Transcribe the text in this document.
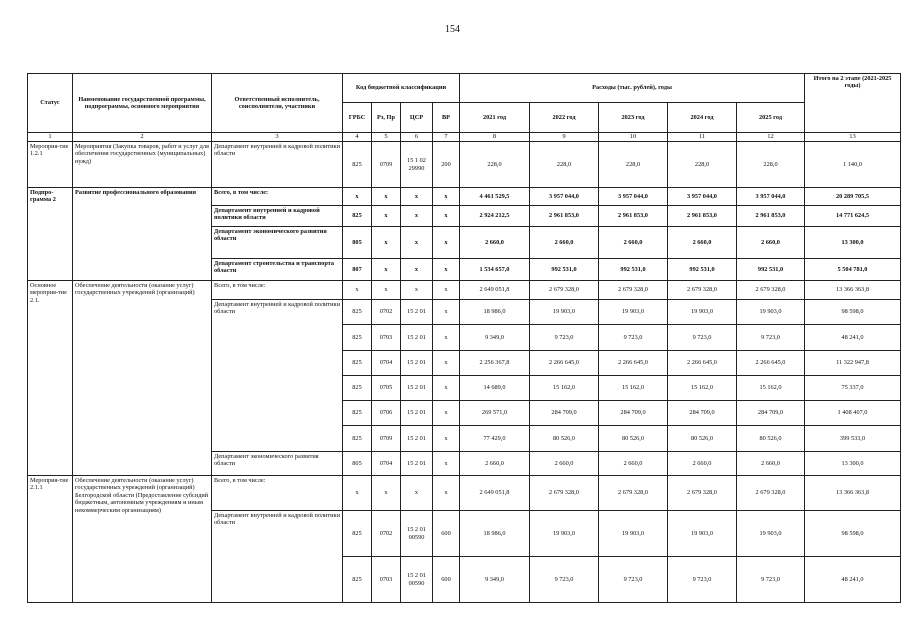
154
Статус	Наименование государственной программы, подпрограммы, основного мероприятия	Ответственный исполнитель, соисполнители, участники	Код бюджетной классификации				Расходы (тыс. рублей), годы					Итого на 2 этапе (2021-2025 годы)
			ГРБС	Рз, Пр	ЦСР	ВР	2021 год	2022 год	2023 год	2024 год	2025 год	
1	2	3	4	5	6	7	8	9	10	11	12	13
Мероприя-тие 1.2.1	Мероприятия (Закупка товаров, работ и услуг для обеспечения государственных (муниципальных) нужд)	Департамент внутренней и кадровой политики области	825	0709	15 1 02 29990	200	228,0	228,0	228,0	228,0	228,0	1 140,0
Подпро-грамма 2	Развитие профессионального образования	Всего, в том числе:	x	x	x	x	4 461 529,5	3 957 044,0	3 957 044,0	3 957 044,0	3 957 044,0	20 289 705,5
		Департамент внутренней и кадровой политики области	825	x	x	x	2 924 212,5	2 961 853,0	2 961 853,0	2 961 853,0	2 961 853,0	14 771 624,5
		Департамент экономического развития области	805	x	x	x	2 660,0	2 660,0	2 660,0	2 660,0	2 660,0	13 300,0
		Департамент строительства и транспорта области	807	x	x	x	1 534 657,0	992 531,0	992 531,0	992 531,0	992 531,0	5 504 781,0
Основное мероприя-тие 2.1.	Обеспечение деятельности (оказание услуг) государственных учреждений (организаций)	Всего, в том числе:	x	x	x	x	2 649 051,8	2 679 328,0	2 679 328,0	2 679 328,0	2 679 328,0	13 366 363,8
		Департамент внутренней и кадровой политики области	825	0702	15 2 01	x	18 986,0	19 903,0	19 903,0	19 903,0	19 903,0	98 598,0
			825	0703	15 2 01	x	9 349,0	9 723,0	9 723,0	9 723,0	9 723,0	48 241,0
			825	0704	15 2 01	x	2 256 367,8	2 266 645,0	2 266 645,0	2 266 645,0	2 266 645,0	11 322 947,8
			825	0705	15 2 01	x	14 689,0	15 162,0	15 162,0	15 162,0	15 162,0	75 337,0
			825	0706	15 2 01	x	269 571,0	284 709,0	284 709,0	284 709,0	284 709,0	1 408 407,0
			825	0709	15 2 01	x	77 429,0	80 526,0	80 526,0	80 526,0	80 526,0	399 533,0
		Департамент экономического развития области	805	0704	15 2 01	x	2 660,0	2 660,0	2 660,0	2 660,0	2 660,0	13 300,0
Мероприя-тие 2.1.1	Обеспечение деятельности (оказание услуг) государственных учреждений (организаций) Белгородской области (Предоставление субсидий бюджетным, автономным учреждениям и иным некоммерческим организациям)	Всего, в том числе:	x	x	x	x	2 649 051,8	2 679 328,0	2 679 328,0	2 679 328,0	2 679 328,0	13 366 363,8
		Департамент внутренней и кадровой политики области	825	0702	15 2 01 00590	600	18 986,0	19 903,0	19 903,0	19 903,0	19 903,0	98 598,0
			825	0703	15 2 01 00590	600	9 349,0	9 723,0	9 723,0	9 723,0	9 723,0	48 241,0
